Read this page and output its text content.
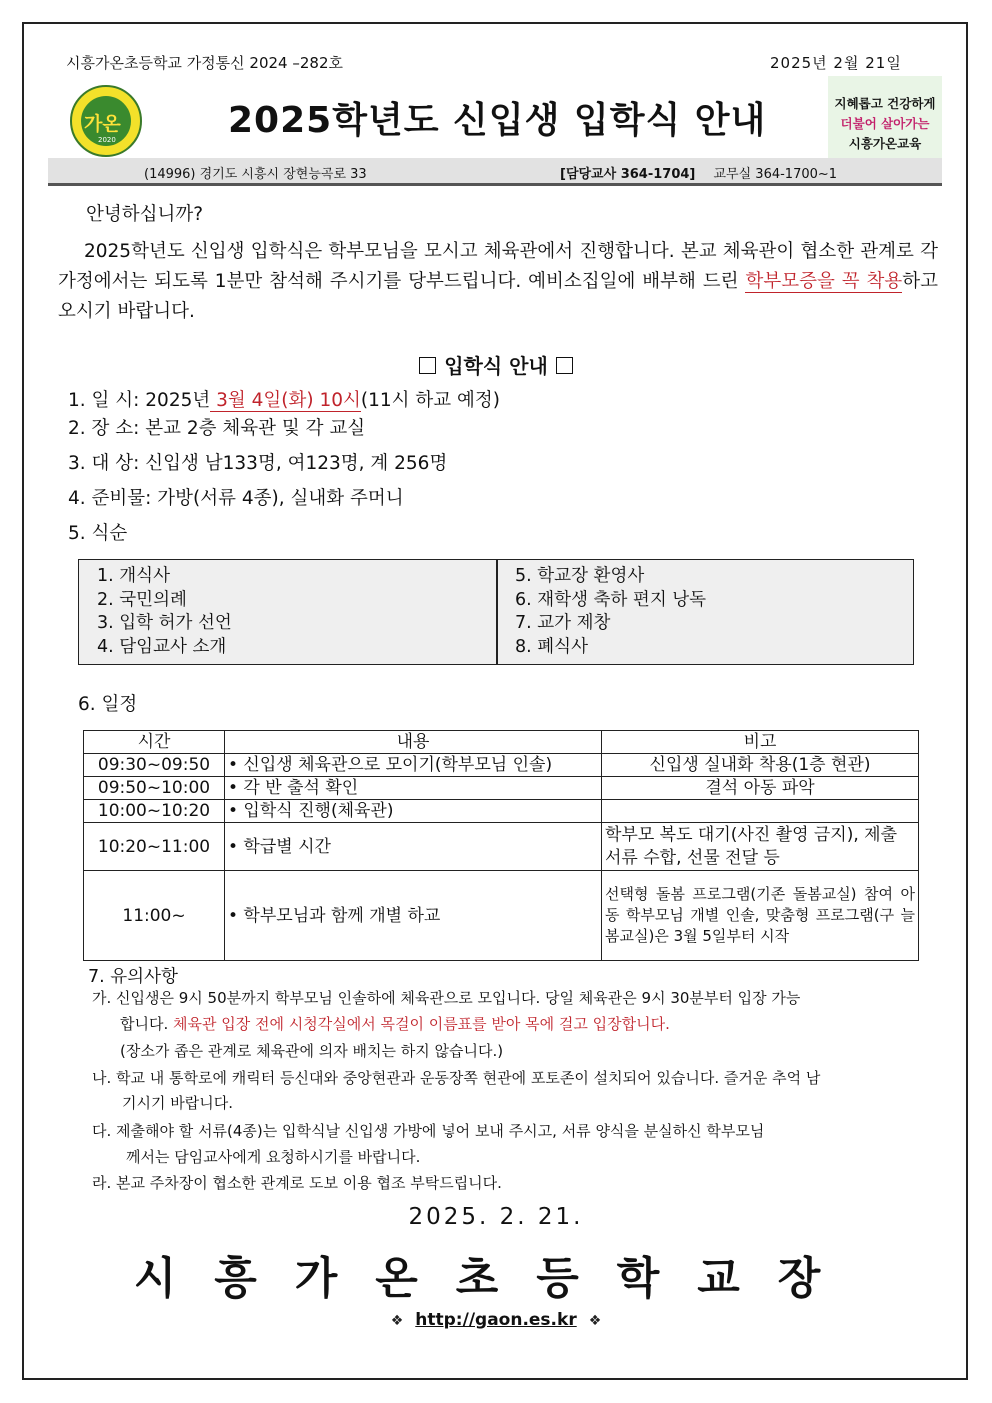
시흥가온초등학교 가정통신 2024 –282호	2025년 2월 21일
가온
2020	2025학년도 신입생 입학식 안내	지혜롭고 건강하게
더불어 살아가는
시흥가온교육
(14996) 경기도 시흥시 장현능곡로 33	[담당교사 364-1704] 교무실 364-1700~1
안녕하십니까?
2025학년도 신입생 입학식은 학부모님을 모시고 체육관에서 진행합니다. 본교 체육관이 협소한 관계로 각 가정에서는 되도록 1분만 참석해 주시기를 당부드립니다. 예비소집일에 배부해 드린 학부모증을 꼭 착용하고 오시기 바랍니다.
입학식 안내
1. 일 시: 2025년 3월 4일(화) 10시(11시 하교 예정)
2. 장 소: 본교 2층 체육관 및 각 교실
3. 대 상: 신입생 남133명, 여123명, 계 256명
4. 준비물: 가방(서류 4종), 실내화 주머니
5. 식순
1. 개식사
2. 국민의례
3. 입학 허가 선언
4. 담임교사 소개
5. 학교장 환영사
6. 재학생 축하 편지 낭독
7. 교가 제창
8. 폐식사
6. 일정
시간	내용	비고
09:30~09:50	• 신입생 체육관으로 모이기(학부모님 인솔)	신입생 실내화 착용(1층 현관)
09:50~10:00	• 각 반 출석 확인	결석 아동 파악
10:00~10:20	• 입학식 진행(체육관)	
10:20~11:00	• 학급별 시간	학부모 복도 대기(사진 촬영 금지), 제출 서류 수합, 선물 전달 등
11:00~	• 학부모님과 함께 개별 하교	선택형 돌봄 프로그램(기존 돌봄교실) 참여 아동 학부모님 개별 인솔, 맞춤형 프로그램(구 늘봄교실)은 3월 5일부터 시작
7. 유의사항
가. 신입생은 9시 50분까지 학부모님 인솔하에 체육관으로 모입니다. 당일 체육관은 9시 30분부터 입장 가능
합니다. 체육관 입장 전에 시청각실에서 목걸이 이름표를 받아 목에 걸고 입장합니다.
(장소가 좁은 관계로 체육관에 의자 배치는 하지 않습니다.)
나. 학교 내 통학로에 캐릭터 등신대와 중앙현관과 운동장쪽 현관에 포토존이 설치되어 있습니다. 즐거운 추억 남
기시기 바랍니다.
다. 제출해야 할 서류(4종)는 입학식날 신입생 가방에 넣어 보내 주시고, 서류 양식을 분실하신 학부모님
께서는 담임교사에게 요청하시기를 바랍니다.
라. 본교 주차장이 협소한 관계로 도보 이용 협조 부탁드립니다.
2025. 2. 21.
시흥가온초등학교장
❖ http://gaon.es.kr ❖
